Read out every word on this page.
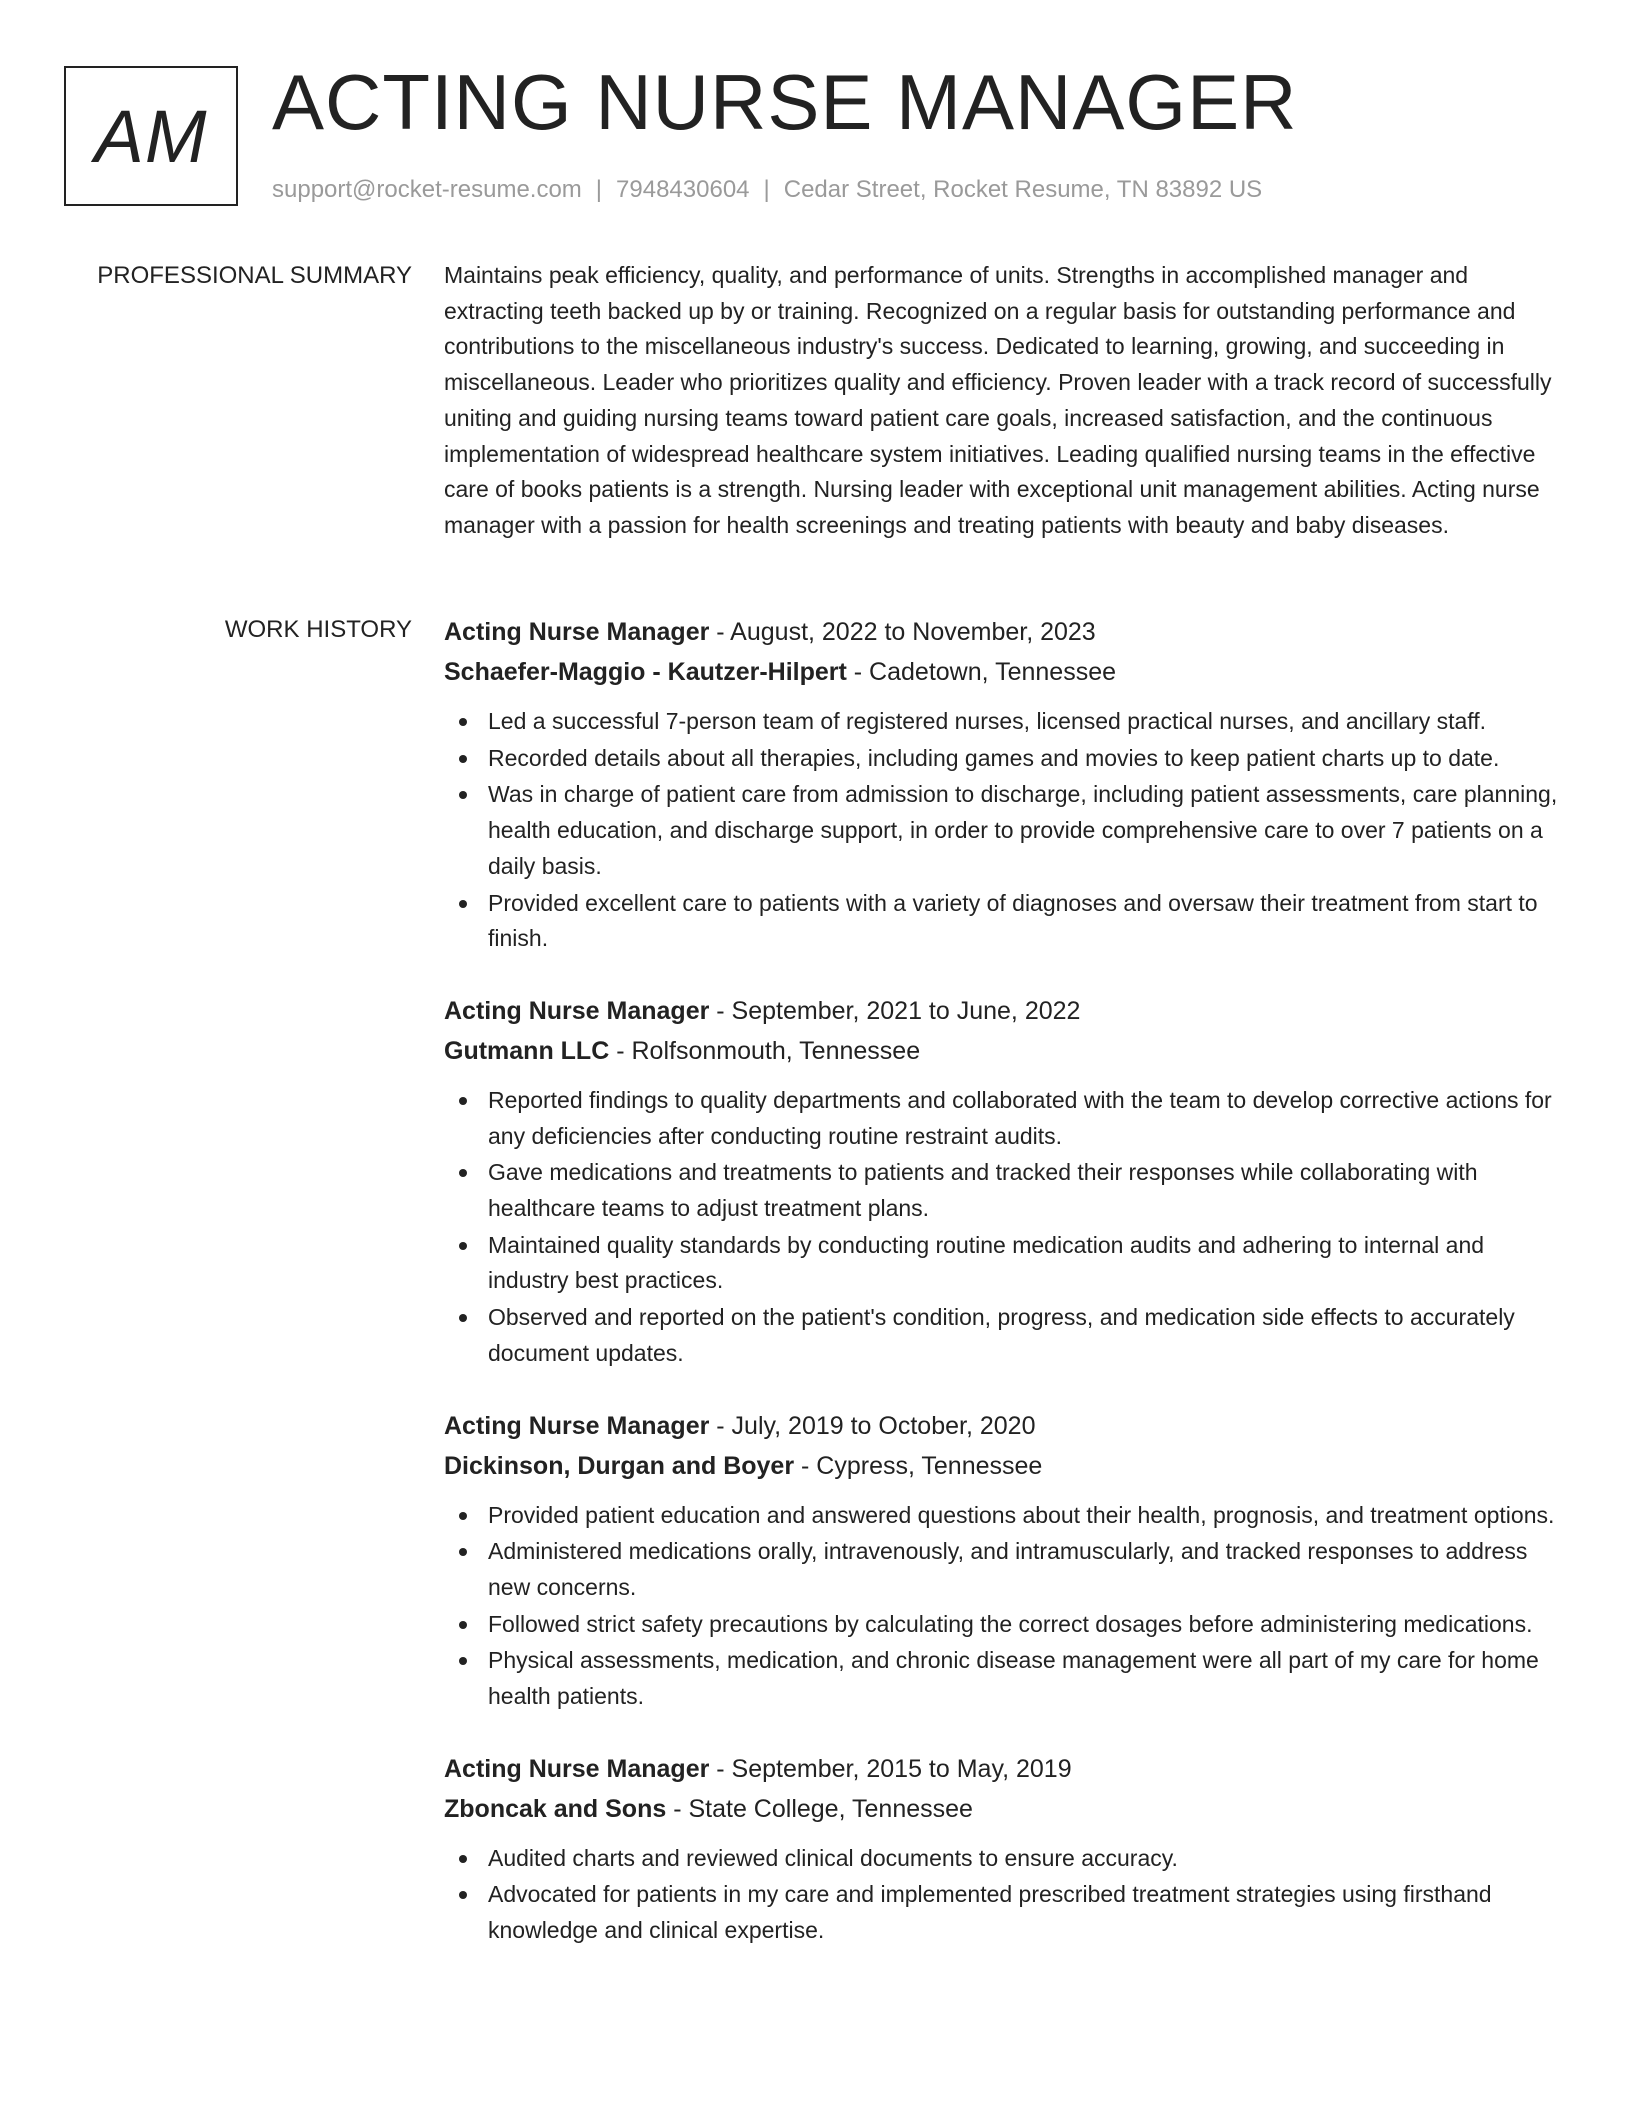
AM ACTING NURSE MANAGER
support@rocket-resume.com | 7948430604 | Cedar Street, Rocket Resume, TN 83892 US
PROFESSIONAL SUMMARY Maintains peak efficiency, quality, and performance of units. Strengths in accomplished manager and extracting teeth backed up by or training. Recognized on a regular basis for outstanding performance and contributions to the miscellaneous industry's success. Dedicated to learning, growing, and succeeding in miscellaneous. Leader who prioritizes quality and efficiency. Proven leader with a track record of successfully uniting and guiding nursing teams toward patient care goals, increased satisfaction, and the continuous implementation of widespread healthcare system initiatives. Leading qualified nursing teams in the effective care of books patients is a strength. Nursing leader with exceptional unit management abilities. Acting nurse manager with a passion for health screenings and treating patients with beauty and baby diseases.

WORK HISTORY Acting Nurse Manager - August, 2022 to November, 2023
Schaefer-Maggio - Kautzer-Hilpert - Cadetown, Tennessee
Led a successful 7-person team of registered nurses, licensed practical nurses, and ancillary staff.
Recorded details about all therapies, including games and movies to keep patient charts up to date.
Was in charge of patient care from admission to discharge, including patient assessments, care planning, health education, and discharge support, in order to provide comprehensive care to over 7 patients on a daily basis.
Provided excellent care to patients with a variety of diagnoses and oversaw their treatment from start to finish.
Acting Nurse Manager - September, 2021 to June, 2022
Gutmann LLC - Rolfsonmouth, Tennessee
Reported findings to quality departments and collaborated with the team to develop corrective actions for any deficiencies after conducting routine restraint audits.
Gave medications and treatments to patients and tracked their responses while collaborating with healthcare teams to adjust treatment plans.
Maintained quality standards by conducting routine medication audits and adhering to internal and industry best practices.
Observed and reported on the patient's condition, progress, and medication side effects to accurately document updates.
Acting Nurse Manager - July, 2019 to October, 2020
Dickinson, Durgan and Boyer - Cypress, Tennessee
Provided patient education and answered questions about their health, prognosis, and treatment options.
Administered medications orally, intravenously, and intramuscularly, and tracked responses to address new concerns.
Followed strict safety precautions by calculating the correct dosages before administering medications.
Physical assessments, medication, and chronic disease management were all part of my care for home health patients.
Acting Nurse Manager - September, 2015 to May, 2019
Zboncak and Sons - State College, Tennessee
Audited charts and reviewed clinical documents to ensure accuracy.
Advocated for patients in my care and implemented prescribed treatment strategies using firsthand knowledge and clinical expertise.
